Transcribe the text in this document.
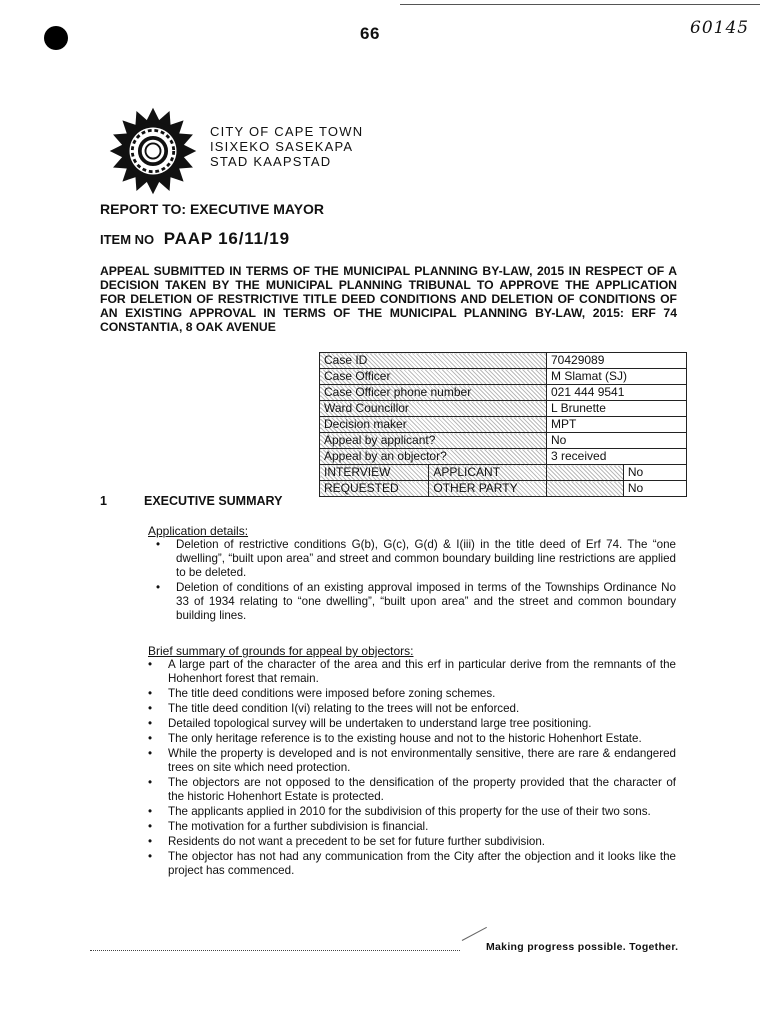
66	60145
CITY OF CAPE TOWN
ISIXEKO SASEKAPA
STAD KAAPSTAD
REPORT TO: EXECUTIVE MAYOR
ITEM NO PAAP 16/11/19
APPEAL SUBMITTED IN TERMS OF THE MUNICIPAL PLANNING BY-LAW, 2015 IN RESPECT OF A DECISION TAKEN BY THE MUNICIPAL PLANNING TRIBUNAL TO APPROVE THE APPLICATION FOR DELETION OF RESTRICTIVE TITLE DEED CONDITIONS AND DELETION OF CONDITIONS OF AN EXISTING APPROVAL IN TERMS OF THE MUNICIPAL PLANNING BY-LAW, 2015: ERF 74 CONSTANTIA, 8 OAK AVENUE
Case ID		70429089	
Case Officer		M Slamat (SJ)	
Case Officer phone number		021 444 9541	
Ward Councillor		L Brunette	
Decision maker		MPT	
Appeal by applicant?		No	
Appeal by an objector?		3 received	
INTERVIEW	APPLICANT		No
REQUESTED	OTHER PARTY		No
1	EXECUTIVE SUMMARY
Application details:
• Deletion of restrictive conditions G(b), G(c), G(d) & I(iii) in the title deed of Erf 74. The “one dwelling”, “built upon area” and street and common boundary building line restrictions are applied to be deleted.
• Deletion of conditions of an existing approval imposed in terms of the Townships Ordinance No 33 of 1934 relating to “one dwelling”, “built upon area” and the street and common boundary building lines.
Brief summary of grounds for appeal by objectors:
• A large part of the character of the area and this erf in particular derive from the remnants of the Hohenhort forest that remain.
• The title deed conditions were imposed before zoning schemes.
• The title deed condition I(vi) relating to the trees will not be enforced.
• Detailed topological survey will be undertaken to understand large tree positioning.
• The only heritage reference is to the existing house and not to the historic Hohenhort Estate.
• While the property is developed and is not environmentally sensitive, there are rare & endangered trees on site which need protection.
• The objectors are not opposed to the densification of the property provided that the character of the historic Hohenhort Estate is protected.
• The applicants applied in 2010 for the subdivision of this property for the use of their two sons.
• The motivation for a further subdivision is financial.
• Residents do not want a precedent to be set for future further subdivision.
• The objector has not had any communication from the City after the objection and it looks like the project has commenced.
Making progress possible. Together.
